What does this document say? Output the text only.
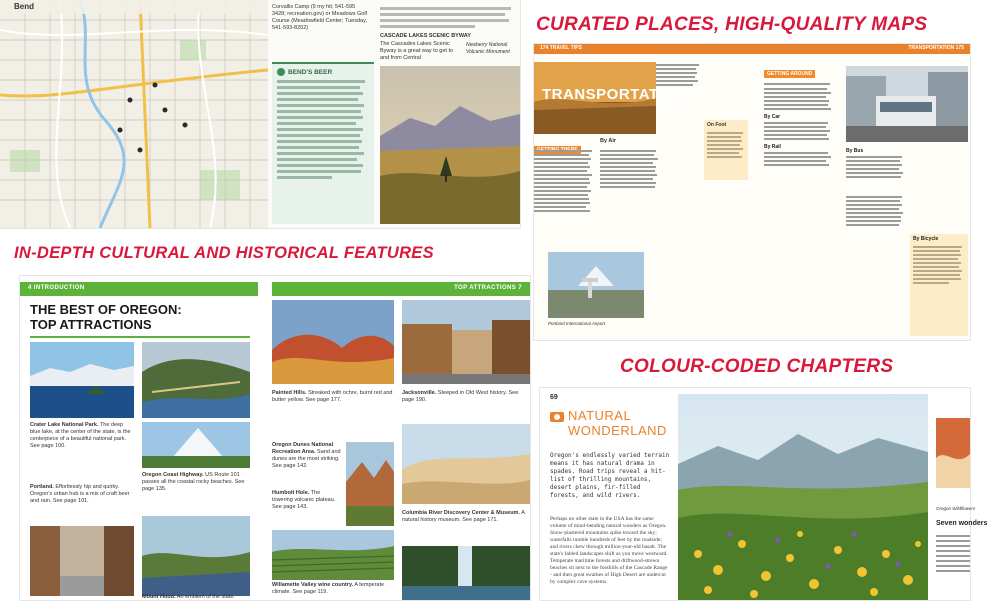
CURATED PLACES, HIGH-QUALITY MAPS
IN-DEPTH CULTURAL AND HISTORICAL FEATURES
COLOUR-CODED CHAPTERS
Bend	Corvallis Camp (9 my hit; 541-595 3428; recreation.gov) or Meadows Golf Course (Meadowfield Center; Tuesday, 541-593-8202)
BEND'S BEER
CASCADE LAKES SCENIC BYWAY
The Cascades Lakes Scenic Byway is a great way to get to and from Central
Newberry National Volcanic Monument
174 TRAVEL TIPS	TRANSPORTATION 175
TRANSPORTATION
By Air
On Foot
Portland International Airport
GETTING AROUND
By Car
By Rail
By Bus
By Bicycle
4 INTRODUCTION	TOP ATTRACTIONS 7
THE BEST OF OREGON:
TOP ATTRACTIONS
Crater Lake National Park. The deep blue lake, at the center of the state, is the centerpiece of a beautiful national park. See page 100.
Oregon Coast Highway. US Route 101 passes all the coastal rocky beaches. See page 135.
Portland. Effortlessly hip and quirky. Oregon's urban hub is a mix of craft beer and rain. See page 101.
Painted Hills. Streaked with ochre, burnt red and butter yellow. See page 177.
Jacksonville. Steeped in Old West history. See page 190.
Oregon Dunes National Recreation Area. Sand and dunes are the most striking. See page 142.
Humbolt Hole. The towering volcanic plateau. See page 143.
Columbia River Discovery Center & Museum. A natural history museum. See page 171.
Willamette Valley wine country. A temperate climate. See page 119.
Mount Hood. An emblem of the state.
69
NATURAL
WONDERLAND
Oregon's endlessly varied terrain means it has natural drama in spades. Road trips reveal a hit-list of thrilling mountains, desert plains, fir-filled forests, and wild rivers.
Perhaps no other state in the USA has the same volume of mind-bending natural wonders as Oregon. Snow-plastered mountains spike toward the sky; waterfalls tumble hundreds of feet by the roadside; and rivers chew through million-year-old basalt. The state's fabled landscapes shift as you move westward. Temperate maritime forests and driftwood-strewn beaches sit next to the foothills of the Cascade Range - and then great swathes of High Desert are undercut by complex cave systems.
Oregon Wildflowers
Seven wonders
